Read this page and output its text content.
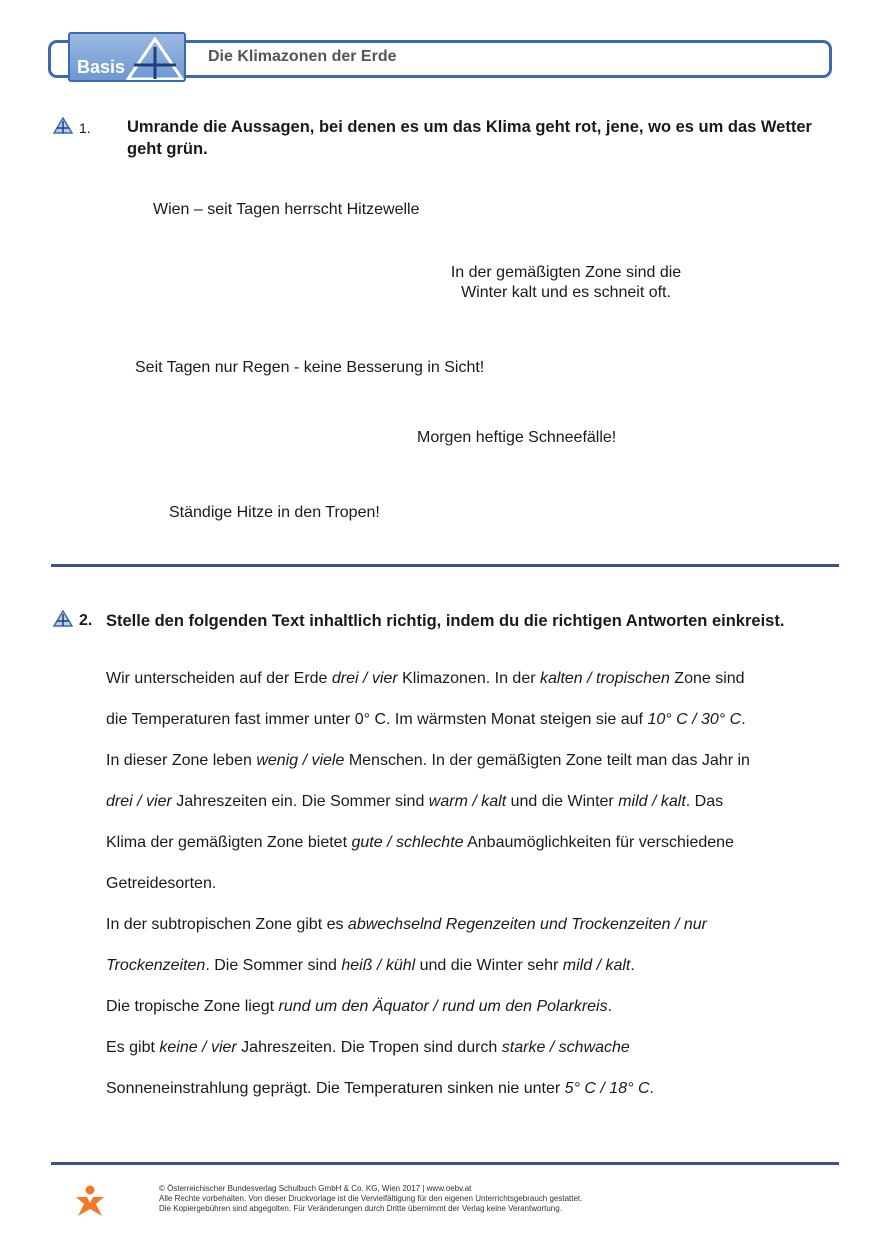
Basis
Die Klimazonen der Erde
1. Umrande die Aussagen, bei denen es um das Klima geht rot, jene, wo es um das Wetter geht grün.
Wien – seit Tagen herrscht Hitzewelle
In der gemäßigten Zone sind die
Winter kalt und es schneit oft.
Seit Tagen nur Regen - keine Besserung in Sicht!
Morgen heftige Schneefälle!
Ständige Hitze in den Tropen!
2. Stelle den folgenden Text inhaltlich richtig, indem du die richtigen Antworten einkreist.
Wir unterscheiden auf der Erde drei / vier Klimazonen. In der kalten / tropischen Zone sind
die Temperaturen fast immer unter 0° C. Im wärmsten Monat steigen sie auf 10° C / 30° C.
In dieser Zone leben wenig / viele Menschen. In der gemäßigten Zone teilt man das Jahr in
drei / vier Jahreszeiten ein. Die Sommer sind warm / kalt und die Winter mild / kalt. Das
Klima der gemäßigten Zone bietet gute / schlechte Anbaumöglichkeiten für verschiedene
Getreidesorten.
In der subtropischen Zone gibt es abwechselnd Regenzeiten und Trockenzeiten / nur
Trockenzeiten. Die Sommer sind heiß / kühl und die Winter sehr mild / kalt.
Die tropische Zone liegt rund um den Äquator / rund um den Polarkreis.
Es gibt keine / vier Jahreszeiten. Die Tropen sind durch starke / schwache
Sonneneinstrahlung geprägt. Die Temperaturen sinken nie unter 5° C / 18° C.
© Österreichischer Bundesverlag Schulbuch GmbH & Co. KG, Wien 2017 | www.oebv.at
Alle Rechte vorbehalten. Von dieser Druckvorlage ist die Vervielfältigung für den eigenen Unterrichtsgebrauch gestattet.
Die Kopiergebühren sind abgegolten. Für Veränderungen durch Dritte übernimmt der Verlag keine Verantwortung.
